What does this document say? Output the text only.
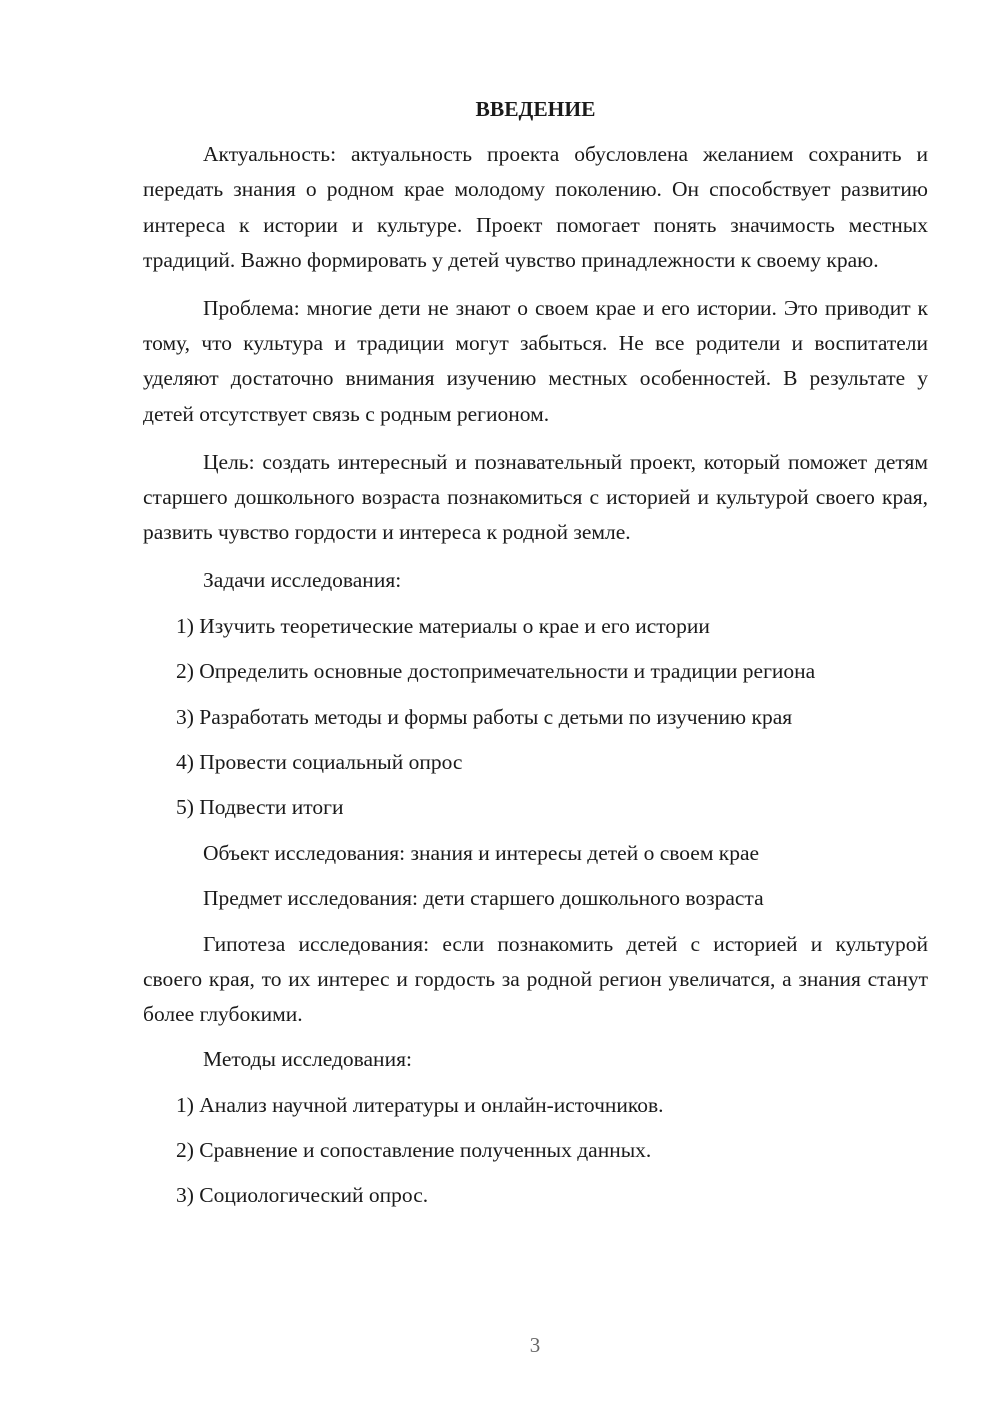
ВВЕДЕНИЕ

Актуальность: актуальность проекта обусловлена желанием сохранить и передать знания о родном крае молодому поколению. Он способствует развитию интереса к истории и культуре. Проект помогает понять значимость местных традиций. Важно формировать у детей чувство принадлежности к своему краю.

Проблема: многие дети не знают о своем крае и его истории. Это приводит к тому, что культура и традиции могут забыться. Не все родители и воспитатели уделяют достаточно внимания изучению местных особенностей. В результате у детей отсутствует связь с родным регионом.

Цель: создать интересный и познавательный проект, который поможет детям старшего дошкольного возраста познакомиться с историей и культурой своего края, развить чувство гордости и интереса к родной земле.

Задачи исследования:
1) Изучить теоретические материалы о крае и его истории
2) Определить основные достопримечательности и традиции региона
3) Разработать методы и формы работы с детьми по изучению края
4) Провести социальный опрос
5) Подвести итоги
Объект исследования: знания и интересы детей о своем крае
Предмет исследования: дети старшего дошкольного возраста

Гипотеза исследования: если познакомить детей с историей и культурой своего края, то их интерес и гордость за родной регион увеличатся, а знания станут более глубокими.

Методы исследования:
1) Анализ научной литературы и онлайн-источников.
2) Сравнение и сопоставление полученных данных.
3) Социологический опрос.
3
